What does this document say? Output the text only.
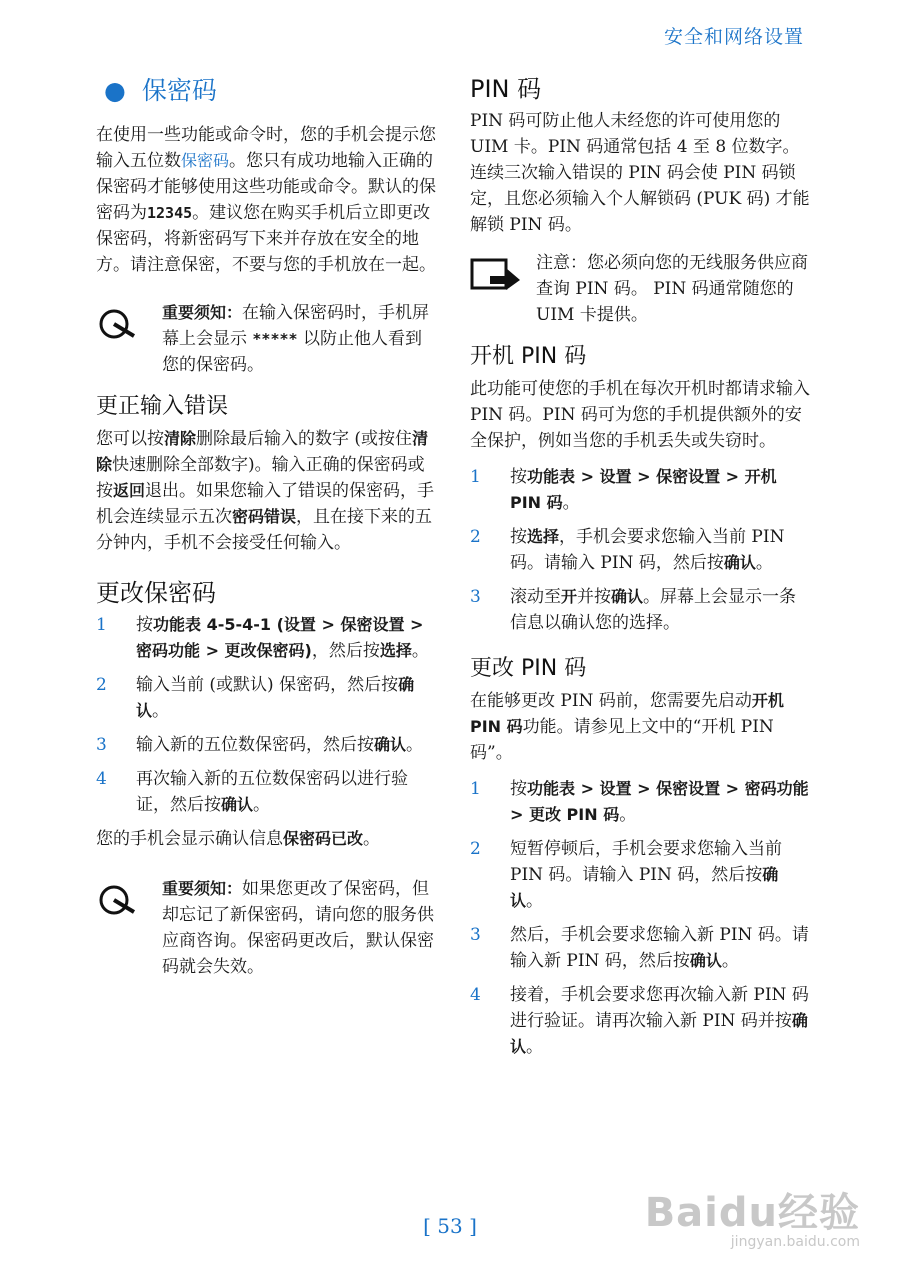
安全和网络设置
● 保密码

在使用一些功能或命令时，您的手机会提示您输入五位数保密码。您只有成功地输入正确的保密码才能够使用这些功能或命令。默认的保密码为12345。建议您在购买手机后立即更改保密码，将新密码写下来并存放在安全的地方。请注意保密，不要与您的手机放在一起。

重要须知：在输入保密码时，手机屏幕上会显示 ***** 以防止他人看到您的保密码。

更正输入错误

您可以按清除删除最后输入的数字 (或按住清除快速删除全部数字)。输入正确的保密码或按返回退出。如果您输入了错误的保密码，手机会连续显示五次密码错误，且在接下来的五分钟内，手机不会接受任何输入。

更改保密码
1 按功能表 4-5-4-1 (设置 > 保密设置 > 密码功能 > 更改保密码)，然后按选择。
2 输入当前 (或默认) 保密码，然后按确认。
3 输入新的五位数保密码，然后按确认。
4 再次输入新的五位数保密码以进行验证，然后按确认。

您的手机会显示确认信息保密码已改。

重要须知：如果您更改了保密码，但却忘记了新保密码，请向您的服务供应商咨询。保密码更改后，默认保密码就会失效。

PIN 码

PIN 码可防止他人未经您的许可使用您的 UIM 卡。PIN 码通常包括 4 至 8 位数字。连续三次输入错误的 PIN 码会使 PIN 码锁定，且您必须输入个人解锁码 (PUK 码) 才能解锁 PIN 码。

注意：您必须向您的无线服务供应商查询 PIN 码。 PIN 码通常随您的 UIM 卡提供。

开机 PIN 码

此功能可使您的手机在每次开机时都请求输入 PIN 码。PIN 码可为您的手机提供额外的安全保护，例如当您的手机丢失或失窃时。

1 按功能表 > 设置 > 保密设置 > 开机 PIN 码。
2 按选择，手机会要求您输入当前 PIN 码。请输入 PIN 码，然后按确认。
3 滚动至开并按确认。屏幕上会显示一条信息以确认您的选择。
更改 PIN 码

在能够更改 PIN 码前，您需要先启动开机 PIN 码功能。请参见上文中的“开机 PIN 码”。

1 按功能表 > 设置 > 保密设置 > 密码功能 > 更改 PIN 码。
2 短暂停顿后，手机会要求您输入当前 PIN 码。请输入 PIN 码，然后按确认。
3 然后，手机会要求您输入新 PIN 码。请输入新 PIN 码，然后按确认。
4 接着，手机会要求您再次输入新 PIN 码进行验证。请再次输入新 PIN 码并按确认。
[ 53 ]	Baidu经验
jingyan.baidu.com
